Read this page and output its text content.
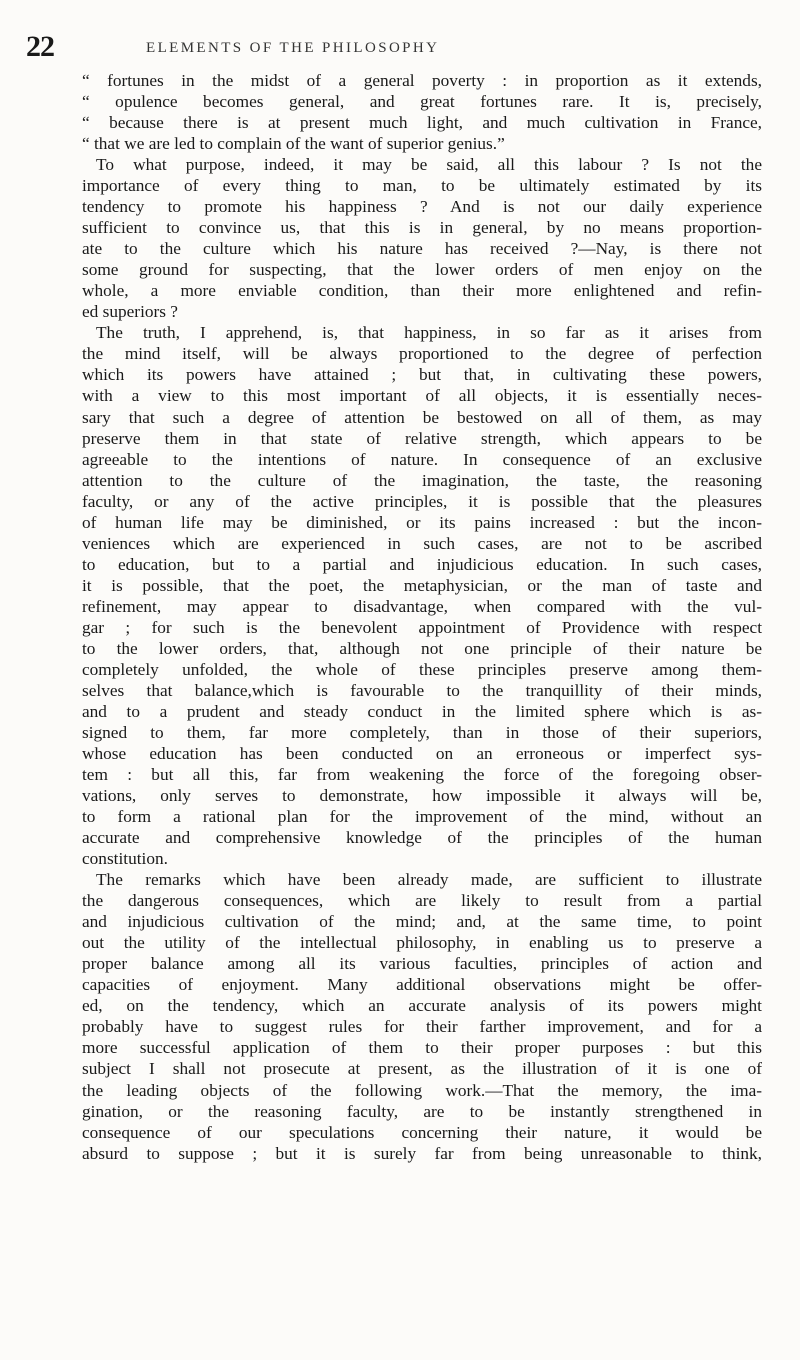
22	ELEMENTS OF THE PHILOSOPHY
“ fortunes in the midst of a general poverty : in proportion as it extends,
“ opulence becomes general, and great fortunes rare. It is, precisely,
“ because there is at present much light, and much cultivation in France,
“ that we are led to complain of the want of superior genius.”
To what purpose, indeed, it may be said, all this labour ? Is not the
importance of every thing to man, to be ultimately estimated by its
tendency to promote his happiness ? And is not our daily experience
sufficient to convince us, that this is in general, by no means proportion-
ate to the culture which his nature has received ?—Nay, is there not
some ground for suspecting, that the lower orders of men enjoy on the
whole, a more enviable condition, than their more enlightened and refin-
ed superiors ?
The truth, I apprehend, is, that happiness, in so far as it arises from
the mind itself, will be always proportioned to the degree of perfection
which its powers have attained ; but that, in cultivating these powers,
with a view to this most important of all objects, it is essentially neces-
sary that such a degree of attention be bestowed on all of them, as may
preserve them in that state of relative strength, which appears to be
agreeable to the intentions of nature. In consequence of an exclusive
attention to the culture of the imagination, the taste, the reasoning
faculty, or any of the active principles, it is possible that the pleasures
of human life may be diminished, or its pains increased : but the incon-
veniences which are experienced in such cases, are not to be ascribed
to education, but to a partial and injudicious education. In such cases,
it is possible, that the poet, the metaphysician, or the man of taste and
refinement, may appear to disadvantage, when compared with the vul-
gar ; for such is the benevolent appointment of Providence with respect
to the lower orders, that, although not one principle of their nature be
completely unfolded, the whole of these principles preserve among them-
selves that balance,which is favourable to the tranquillity of their minds,
and to a prudent and steady conduct in the limited sphere which is as-
signed to them, far more completely, than in those of their superiors,
whose education has been conducted on an erroneous or imperfect sys-
tem : but all this, far from weakening the force of the foregoing obser-
vations, only serves to demonstrate, how impossible it always will be,
to form a rational plan for the improvement of the mind, without an
accurate and comprehensive knowledge of the principles of the human
constitution.
The remarks which have been already made, are sufficient to illustrate
the dangerous consequences, which are likely to result from a partial
and injudicious cultivation of the mind; and, at the same time, to point
out the utility of the intellectual philosophy, in enabling us to preserve a
proper balance among all its various faculties, principles of action and
capacities of enjoyment. Many additional observations might be offer-
ed, on the tendency, which an accurate analysis of its powers might
probably have to suggest rules for their farther improvement, and for a
more successful application of them to their proper purposes : but this
subject I shall not prosecute at present, as the illustration of it is one of
the leading objects of the following work.—That the memory, the ima-
gination, or the reasoning faculty, are to be instantly strengthened in
consequence of our speculations concerning their nature, it would be
absurd to suppose ; but it is surely far from being unreasonable to think,
